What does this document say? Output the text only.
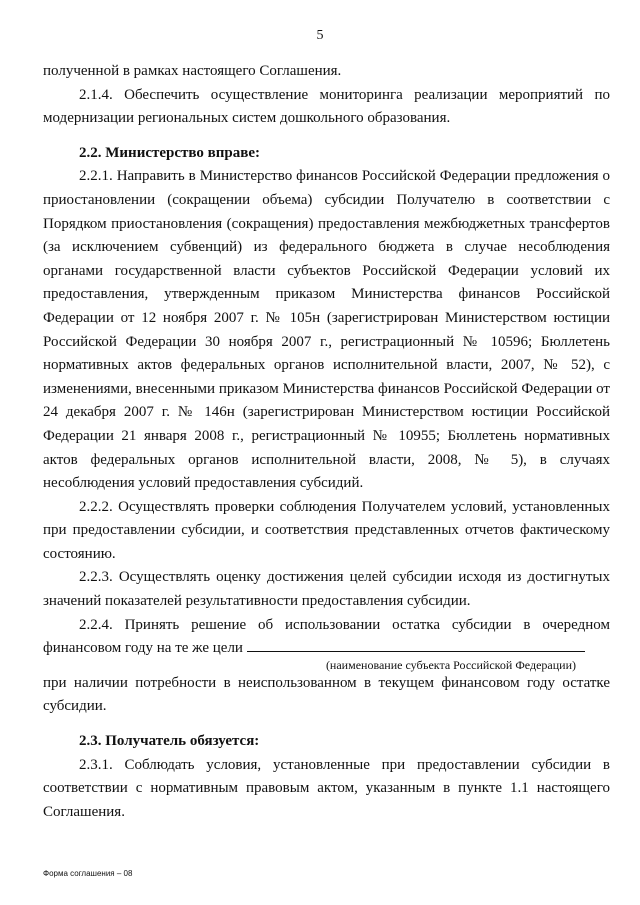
5

полученной в рамках настоящего Соглашения.

2.1.4. Обеспечить осуществление мониторинга реализации мероприятий по модернизации региональных систем дошкольного образования.

2.2. Министерство вправе:

2.2.1. Направить в Министерство финансов Российской Федерации предложения о приостановлении (сокращении объема) субсидии Получателю в соответствии с Порядком приостановления (сокращения) предоставления межбюджетных трансфертов (за исключением субвенций) из федерального бюджета в случае несоблюдения органами государственной власти субъектов Российской Федерации условий их предоставления, утвержденным приказом Министерства финансов Российской Федерации от 12 ноября 2007 г. № 105н (зарегистрирован Министерством юстиции Российской Федерации 30 ноября 2007 г., регистрационный № 10596; Бюллетень нормативных актов федеральных органов исполнительной власти, 2007, № 52), с изменениями, внесенными приказом Министерства финансов Российской Федерации от 24 декабря 2007 г. № 146н (зарегистрирован Министерством юстиции Российской Федерации 21 января 2008 г., регистрационный № 10955; Бюллетень нормативных актов федеральных органов исполнительной власти, 2008, № 5), в случаях несоблюдения условий предоставления субсидий.

2.2.2. Осуществлять проверки соблюдения Получателем условий, установленных при предоставлении субсидии, и соответствия представленных отчетов фактическому состоянию.

2.2.3. Осуществлять оценку достижения целей субсидии исходя из достигнутых значений показателей результативности предоставления субсидии.

2.2.4. Принять решение об использовании остатка субсидии в очередном финансовом году на те же цели

(наименование субъекта Российской Федерации)

при наличии потребности в неиспользованном в текущем финансовом году остатке субсидии.

2.3. Получатель обязуется:

2.3.1. Соблюдать условия, установленные при предоставлении субсидии в соответствии с нормативным правовым актом, указанным в пункте 1.1 настоящего Соглашения.

Форма соглашения – 08
